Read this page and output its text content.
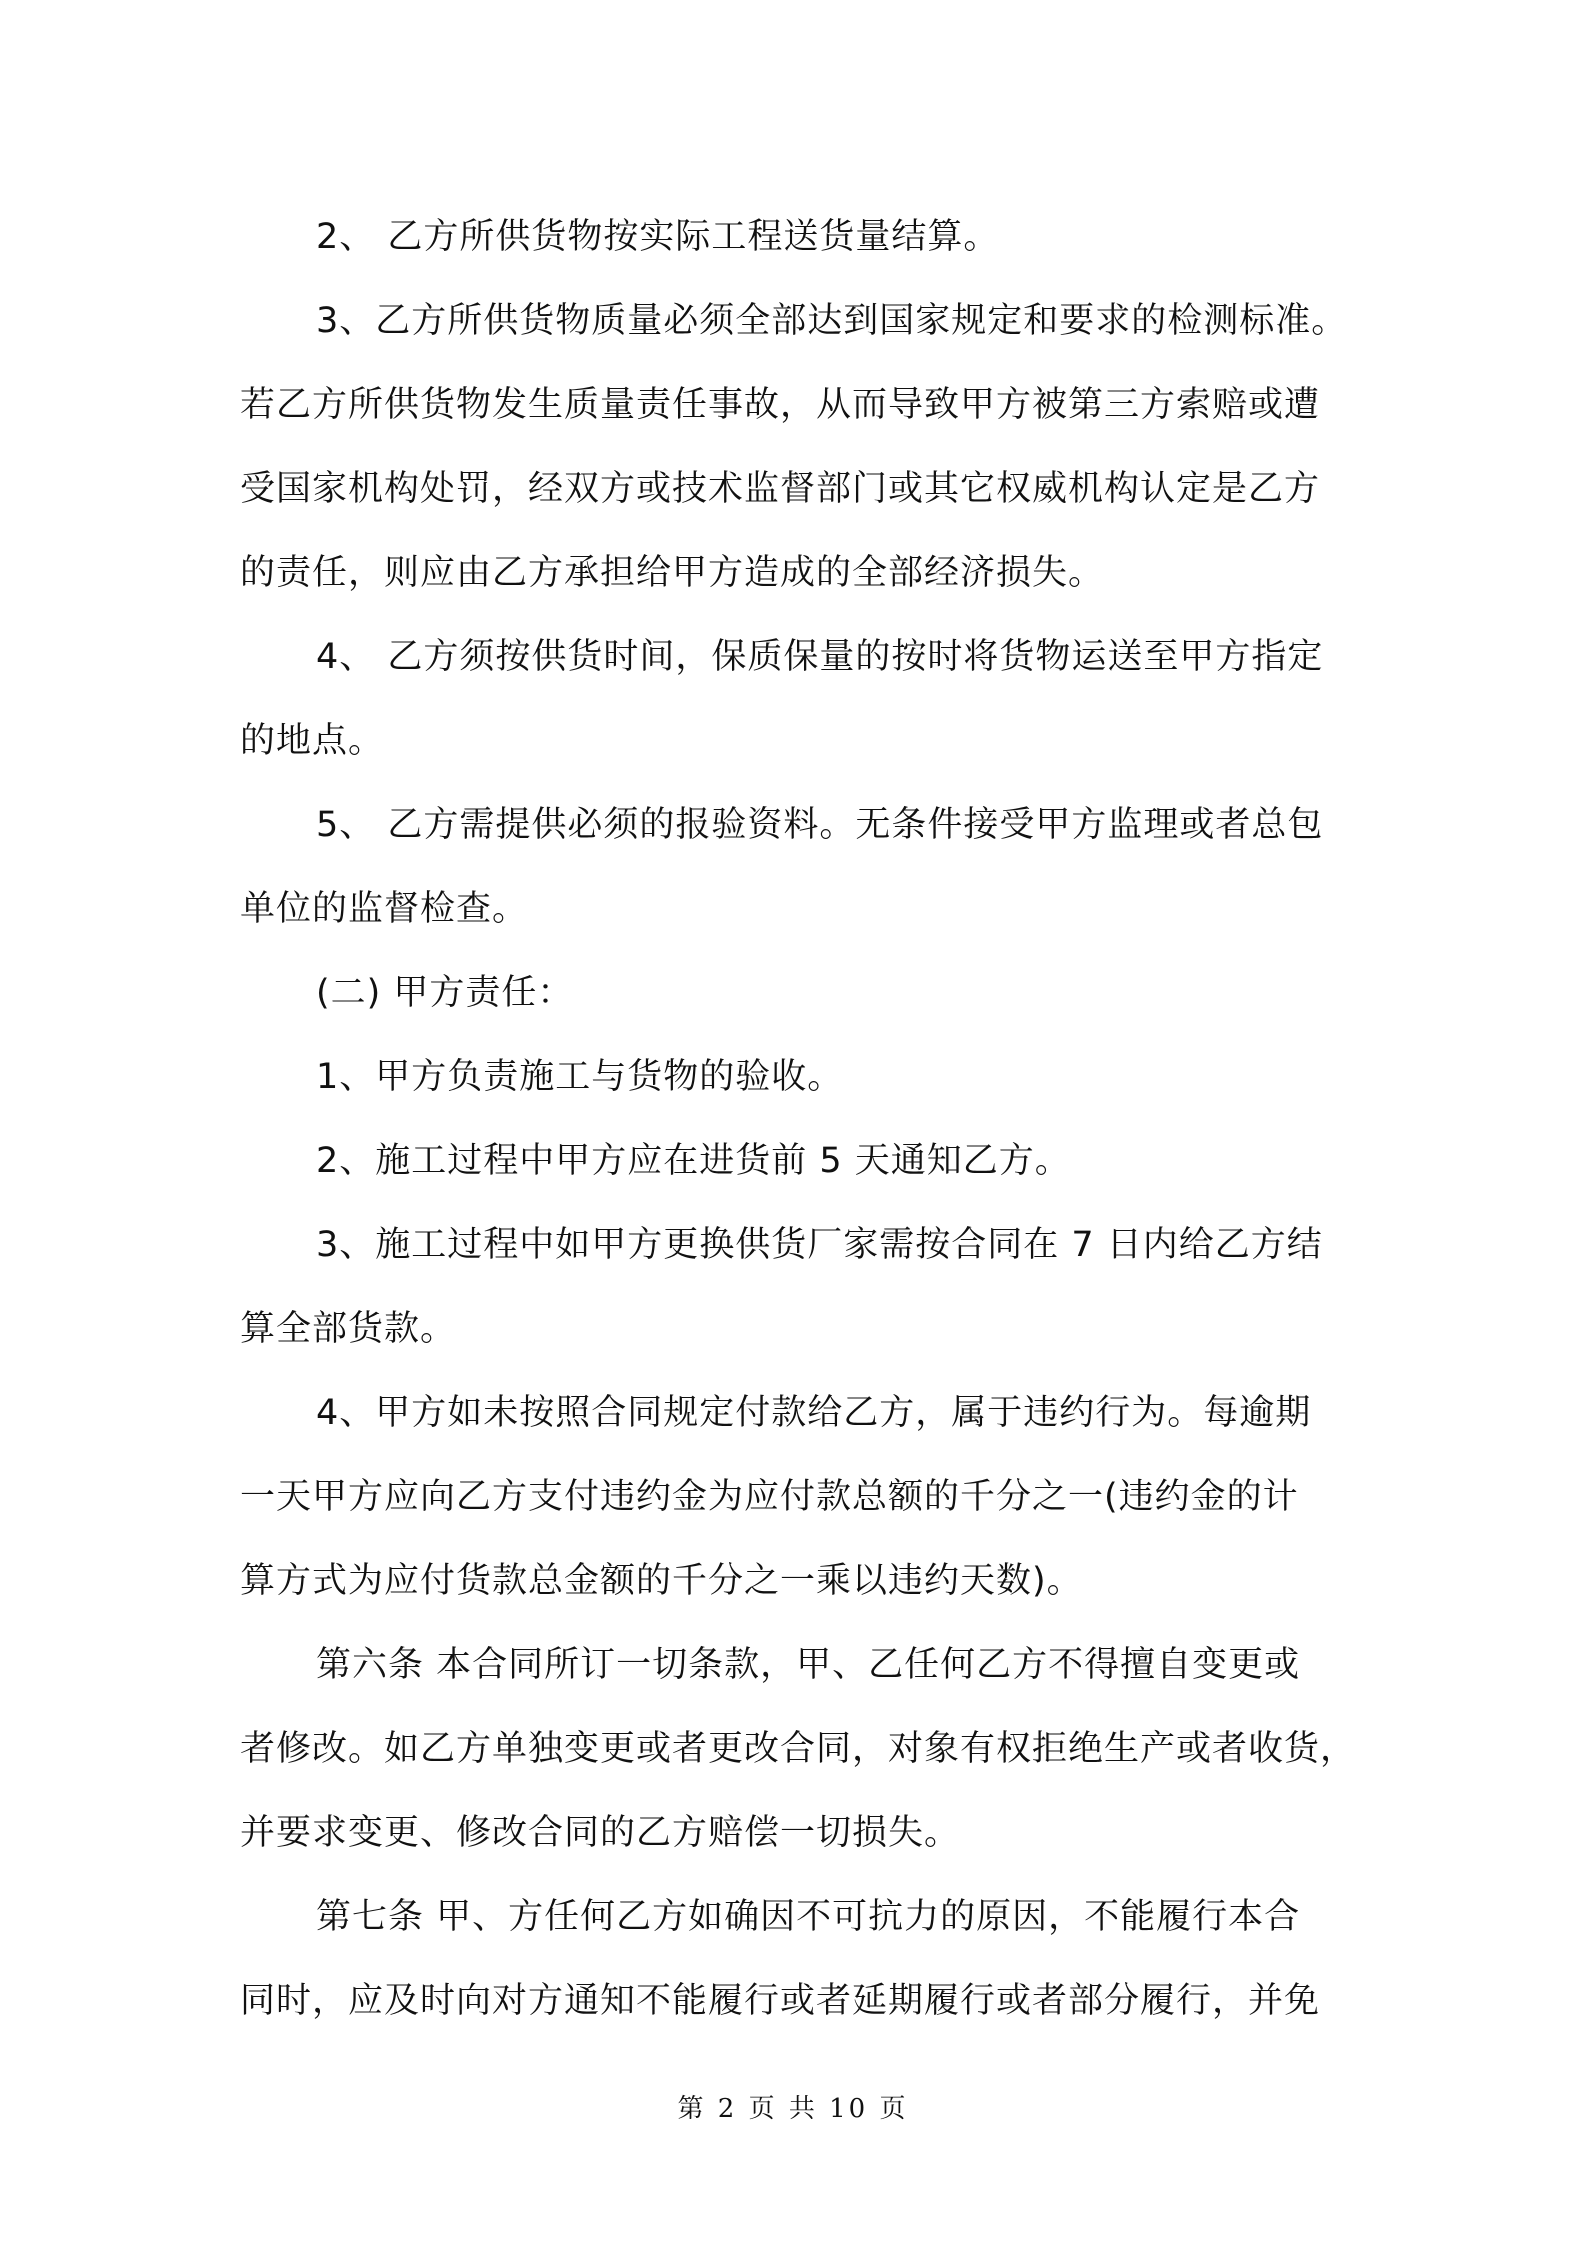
2、 乙方所供货物按实际工程送货量结算。
3、乙方所供货物质量必须全部达到国家规定和要求的检测标准。
若乙方所供货物发生质量责任事故，从而导致甲方被第三方索赔或遭
受国家机构处罚，经双方或技术监督部门或其它权威机构认定是乙方
的责任，则应由乙方承担给甲方造成的全部经济损失。
4、 乙方须按供货时间，保质保量的按时将货物运送至甲方指定
的地点。
5、 乙方需提供必须的报验资料。无条件接受甲方监理或者总包
单位的监督检查。
(二) 甲方责任：
1、甲方负责施工与货物的验收。
2、施工过程中甲方应在进货前 5 天通知乙方。
3、施工过程中如甲方更换供货厂家需按合同在 7 日内给乙方结
算全部货款。
4、甲方如未按照合同规定付款给乙方，属于违约行为。每逾期
一天甲方应向乙方支付违约金为应付款总额的千分之一(违约金的计
算方式为应付货款总金额的千分之一乘以违约天数)。
第六条 本合同所订一切条款，甲、乙任何乙方不得擅自变更或
者修改。如乙方单独变更或者更改合同，对象有权拒绝生产或者收货，
并要求变更、修改合同的乙方赔偿一切损失。
第七条 甲、方任何乙方如确因不可抗力的原因，不能履行本合
同时，应及时向对方通知不能履行或者延期履行或者部分履行，并免
第 2 页 共 10 页
